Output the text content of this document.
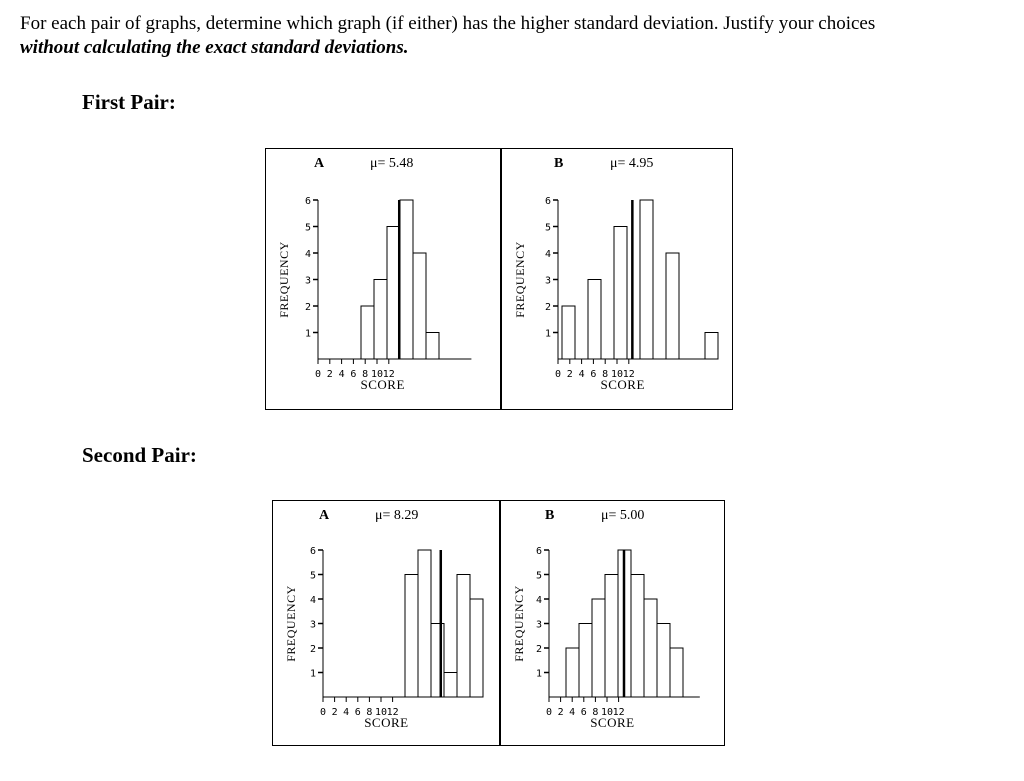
For each pair of graphs, determine which graph (if either) has the higher standard deviation. Justify your choices
without calculating the exact standard deviations.
First Pair:
Second Pair:
A	μ= 5.48
1
2
3
4
5
6
FREQUENCY
0 2 4 6 8 10 12
SCORE
B	μ= 4.95
1
2
3
4
5
6
FREQUENCY
0 2 4 6 8 10 12
SCORE
A	μ= 8.29
1
2
3
4
5
6
FREQUENCY
0 2 4 6 8 10 12
SCORE
B	μ= 5.00
1
2
3
4
5
6
FREQUENCY
0 2 4 6 8 10 12
SCORE
